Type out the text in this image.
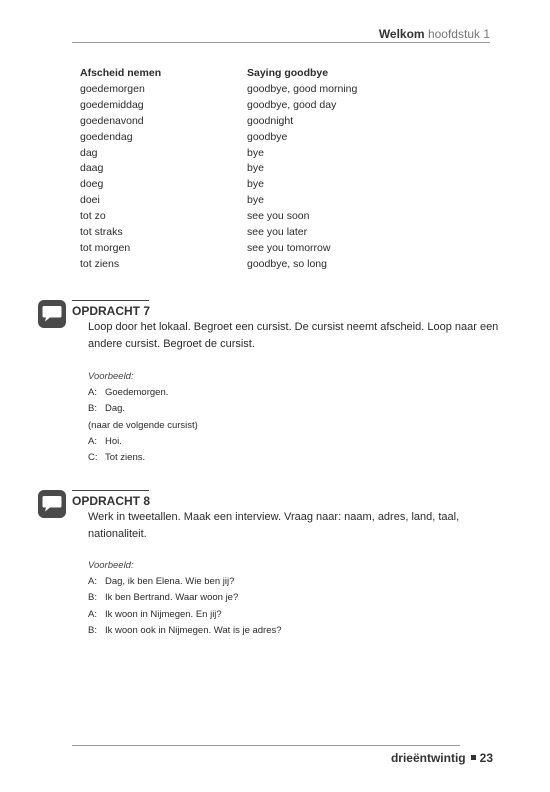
Welkom hoofdstuk 1
Afscheid nemen	Saying goodbye
goedemorgen	goodbye, good morning
goedemiddag	goodbye, good day
goedenavond	goodnight
goedendag	goodbye
dag	bye
daag	bye
doeg	bye
doei	bye
tot zo	see you soon
tot straks	see you later
tot morgen	see you tomorrow
tot ziens	goodbye, so long
OPDRACHT 7
Loop door het lokaal. Begroet een cursist. De cursist neemt afscheid. Loop naar een andere cursist. Begroet de cursist.
Voorbeeld:
A: Goedemorgen.
B: Dag.
(naar de volgende cursist)
A: Hoi.
C: Tot ziens.
OPDRACHT 8
Werk in tweetallen. Maak een interview. Vraag naar: naam, adres, land, taal, nationaliteit.
Voorbeeld:
A: Dag, ik ben Elena. Wie ben jij?
B: Ik ben Bertrand. Waar woon je?
A: Ik woon in Nijmegen. En jij?
B: Ik woon ook in Nijmegen. Wat is je adres?
drieëntwintig 23
